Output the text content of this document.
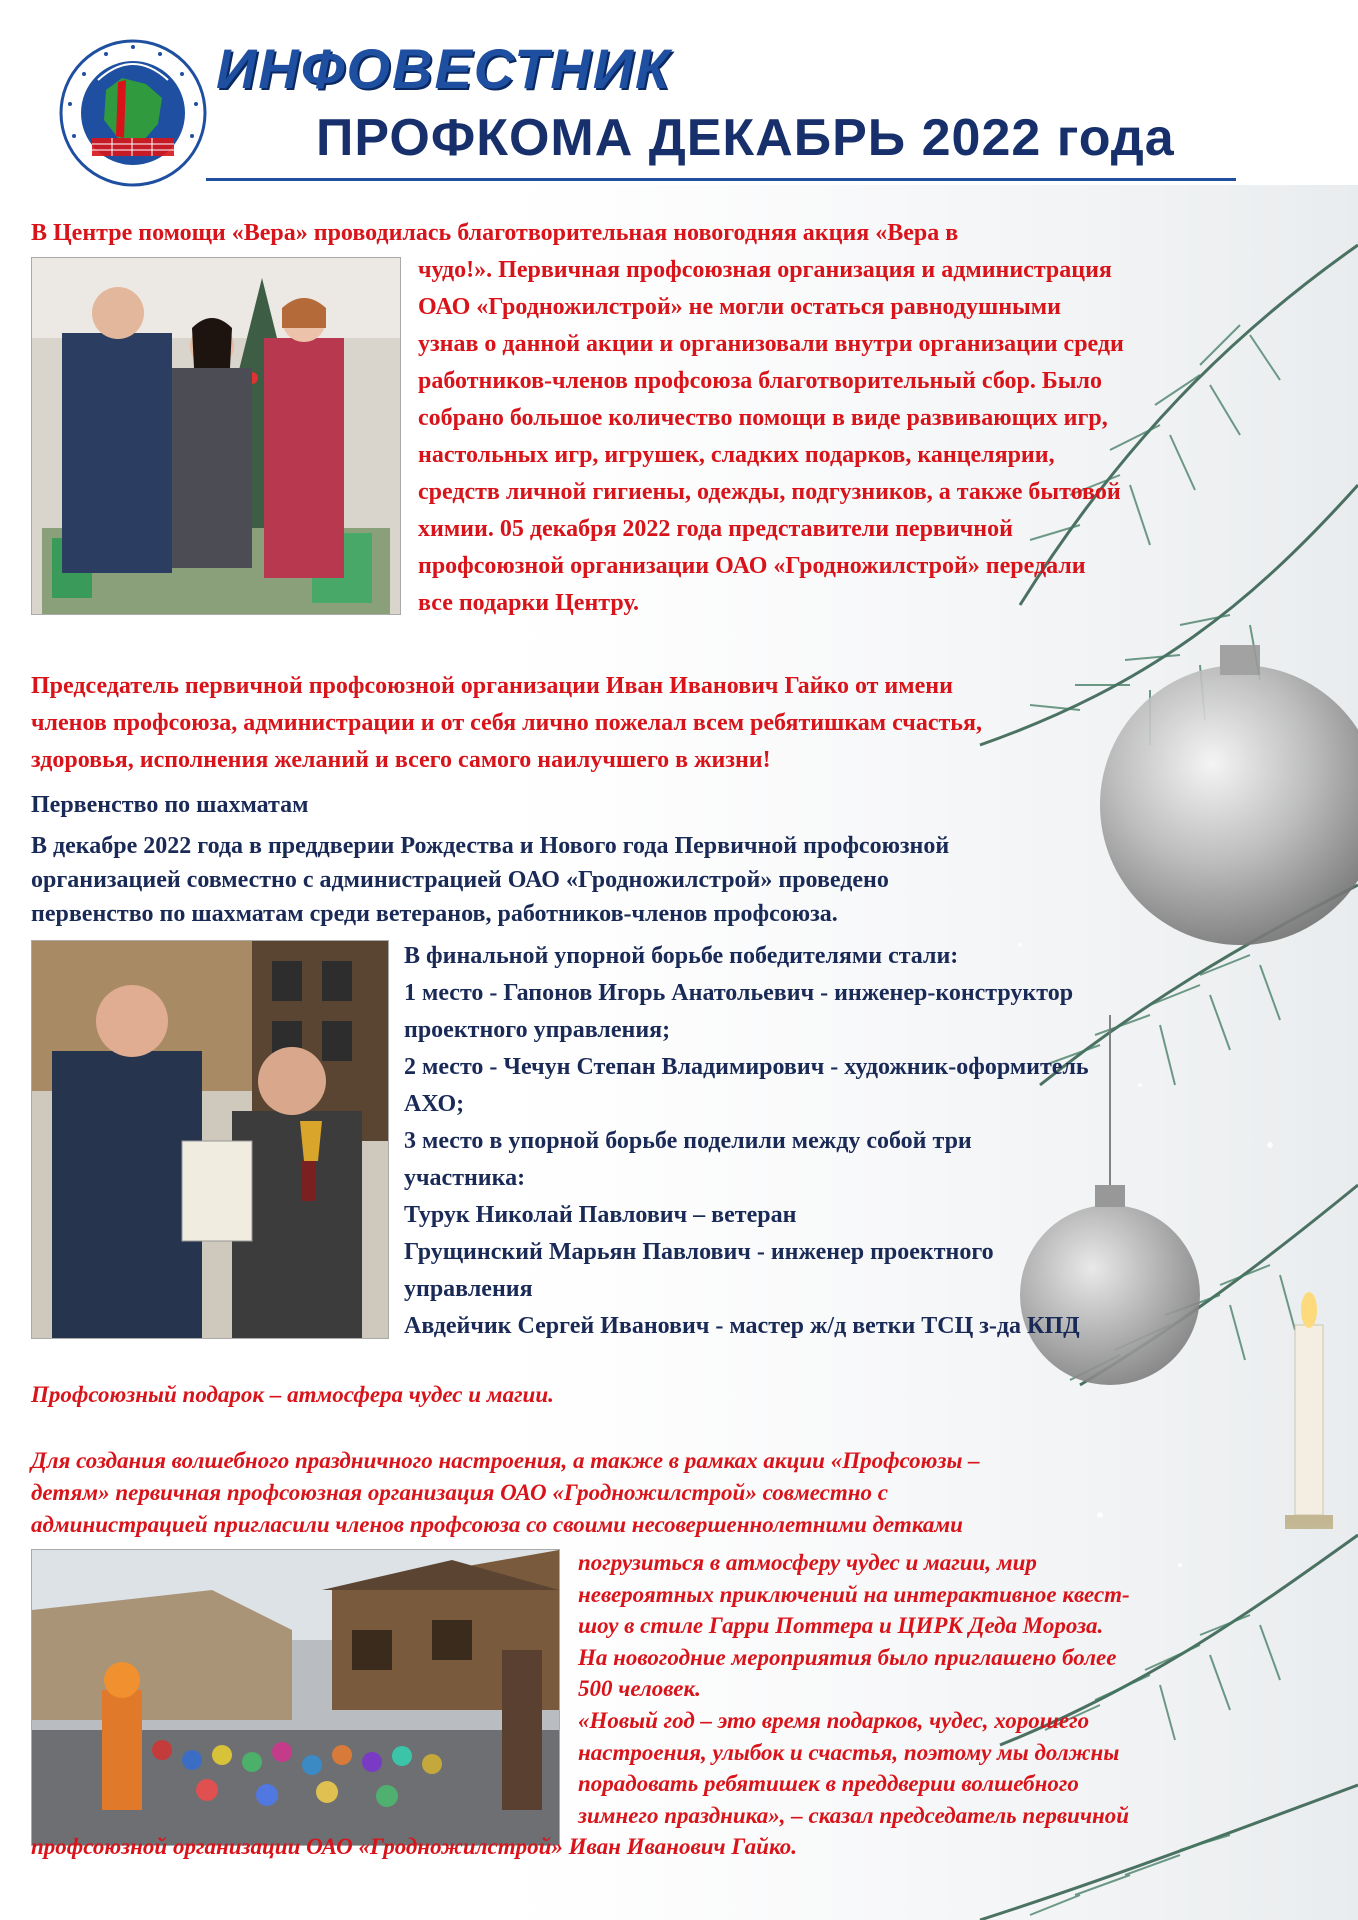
ИНФОВЕСТНИК
ПРОФКОМА ДЕКАБРЬ 2022 года
В Центре помощи «Вера» проводилась благотворительная новогодняя акция «Вера в
чудо!». Первичная профсоюзная организация и администрация
ОАО «Гродножилстрой» не могли остаться равнодушными
узнав о данной акции и организовали внутри организации среди
работников-членов профсоюза благотворительный сбор. Было
собрано большое количество помощи в виде развивающих игр,
настольных игр, игрушек, сладких подарков, канцелярии,
средств личной гигиены, одежды, подгузников, а также бытовой
химии. 05 декабря 2022 года представители первичной
профсоюзной организации ОАО «Гродножилстрой» передали
все подарки Центру.
Председатель первичной профсоюзной организации Иван Иванович Гайко от имени
членов профсоюза, администрации и от себя лично пожелал всем ребятишкам счастья,
здоровья, исполнения желаний и всего самого наилучшего в жизни!
Первенство по шахматам
В декабре 2022 года в преддверии Рождества и Нового года Первичной профсоюзной
организацией совместно с администрацией ОАО «Гродножилстрой» проведено
первенство по шахматам среди ветеранов, работников-членов профсоюза.
В финальной упорной борьбе победителями стали:
1 место - Гапонов Игорь Анатольевич - инженер-конструктор
проектного управления;
2 место - Чечун Степан Владимирович - художник-оформитель
АХО;
3 место в упорной борьбе поделили между собой три
участника:
Турук Николай Павлович – ветеран
Грущинский Марьян Павлович - инженер проектного
управления
Авдейчик Сергей Иванович - мастер ж/д ветки ТСЦ з-да КПД
Профсоюзный подарок – атмосфера чудес и магии.
Для создания волшебного праздничного настроения, а также в рамках акции «Профсоюзы –
детям» первичная профсоюзная организация ОАО «Гродножилстрой» совместно с
администрацией пригласили членов профсоюза со своими несовершеннолетними детками
погрузиться в атмосферу чудес и магии, мир
невероятных приключений на интерактивное квест-
шоу в стиле Гарри Поттера и ЦИРК Деда Мороза.
На новогодние мероприятия было приглашено более
500 человек.
«Новый год – это время подарков, чудес, хорошего
настроения, улыбок и счастья, поэтому мы должны
порадовать ребятишек в преддверии волшебного
зимнего праздника», – сказал председатель первичной
профсоюзной организации ОАО «Гродножилстрой» Иван Иванович Гайко.
